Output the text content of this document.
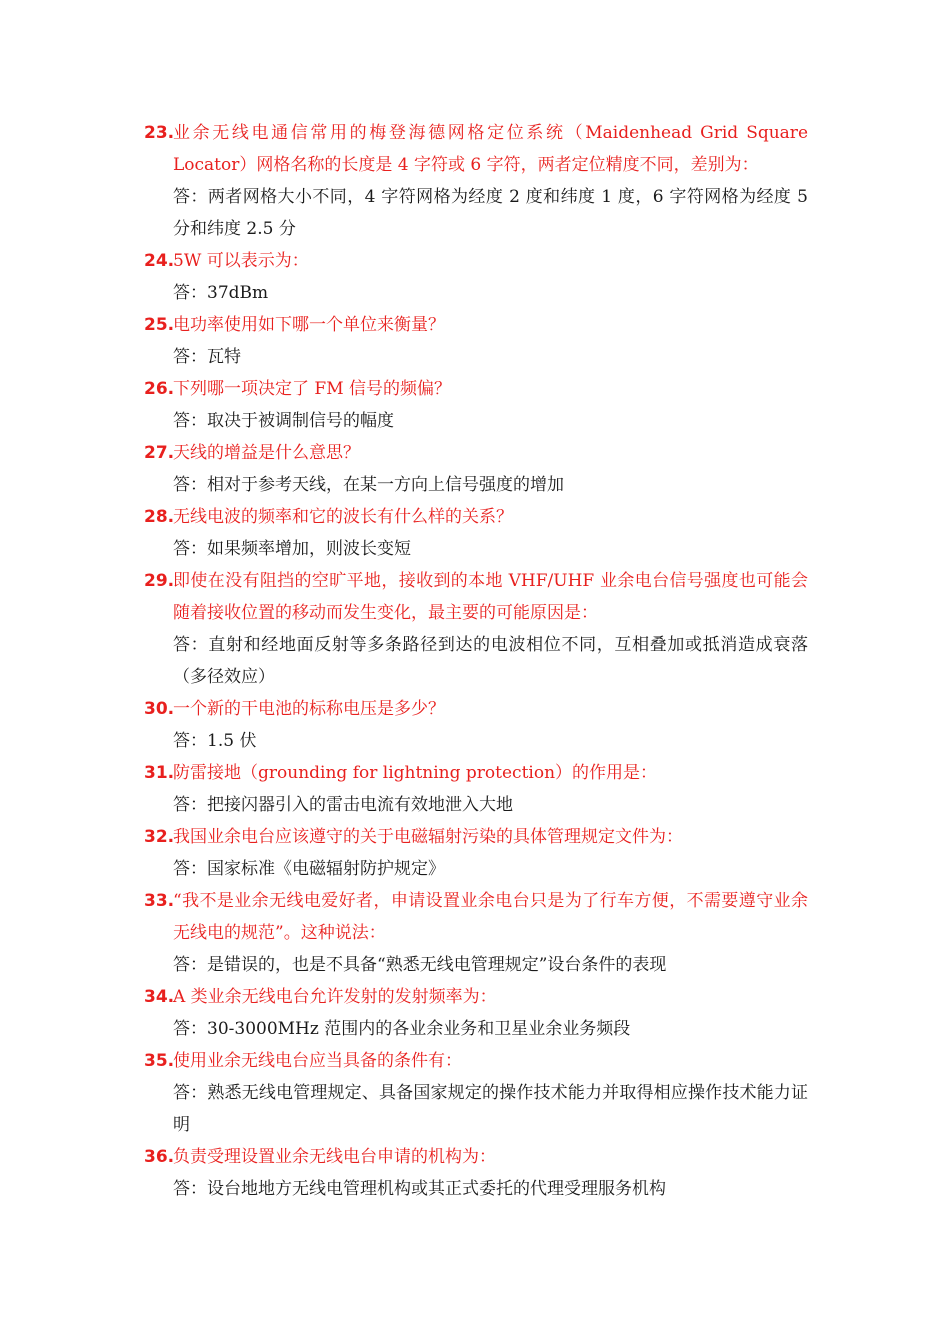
23.
业余无线电通信常用的梅登海德网格定位系统（Maidenhead Grid Square Locator）网格名称的长度是 4 字符或 6 字符，两者定位精度不同，差别为：
答：两者网格大小不同，4 字符网格为经度 2 度和纬度 1 度，6 字符网格为经度 5 分和纬度 2.5 分
24.
5W 可以表示为：
答：37dBm
25.
电功率使用如下哪一个单位来衡量？
答：瓦特
26.
下列哪一项决定了 FM 信号的频偏？
答：取决于被调制信号的幅度
27.
天线的增益是什么意思？
答：相对于参考天线，在某一方向上信号强度的增加
28.
无线电波的频率和它的波长有什么样的关系？
答：如果频率增加，则波长变短
29.
即使在没有阻挡的空旷平地，接收到的本地 VHF/UHF 业余电台信号强度也可能会随着接收位置的移动而发生变化，最主要的可能原因是：
答：直射和经地面反射等多条路径到达的电波相位不同，互相叠加或抵消造成衰落（多径效应）
30.
一个新的干电池的标称电压是多少？
答：1.5 伏
31.
防雷接地（grounding for lightning protection）的作用是：
答：把接闪器引入的雷击电流有效地泄入大地
32.
我国业余电台应该遵守的关于电磁辐射污染的具体管理规定文件为：
答：国家标准《电磁辐射防护规定》
33.
“我不是业余无线电爱好者，申请设置业余电台只是为了行车方便，不需要遵守业余无线电的规范”。这种说法：
答：是错误的，也是不具备“熟悉无线电管理规定”设台条件的表现
34.
A 类业余无线电台允许发射的发射频率为：
答：30-3000MHz 范围内的各业余业务和卫星业余业务频段
35.
使用业余无线电台应当具备的条件有：
答：熟悉无线电管理规定、具备国家规定的操作技术能力并取得相应操作技术能力证明
36.
负责受理设置业余无线电台申请的机构为：
答：设台地地方无线电管理机构或其正式委托的代理受理服务机构
